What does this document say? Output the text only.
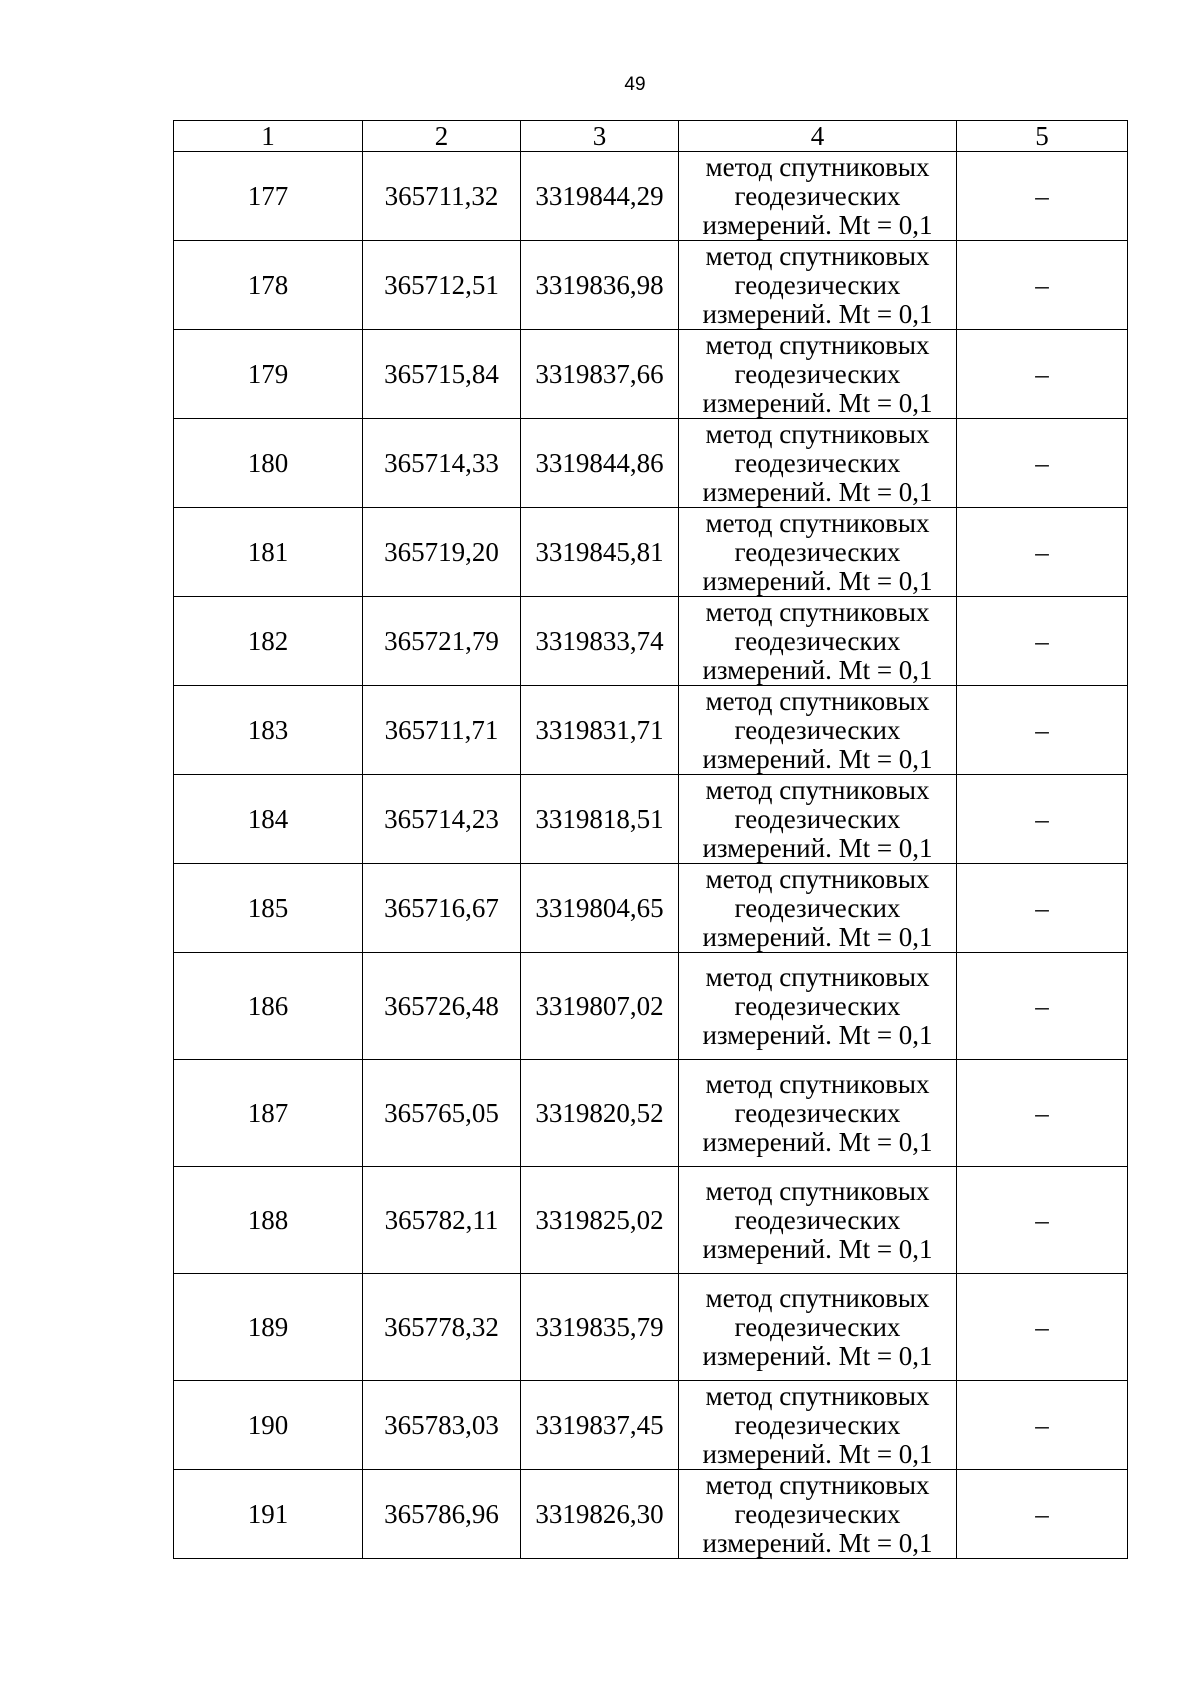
49
1	2	3	4	5
177	365711,32	3319844,29	метод спутниковых
геодезических
измерений. Mt = 0,1	–
178	365712,51	3319836,98	метод спутниковых
геодезических
измерений. Mt = 0,1	–
179	365715,84	3319837,66	метод спутниковых
геодезических
измерений. Mt = 0,1	–
180	365714,33	3319844,86	метод спутниковых
геодезических
измерений. Mt = 0,1	–
181	365719,20	3319845,81	метод спутниковых
геодезических
измерений. Mt = 0,1	–
182	365721,79	3319833,74	метод спутниковых
геодезических
измерений. Mt = 0,1	–
183	365711,71	3319831,71	метод спутниковых
геодезических
измерений. Mt = 0,1	–
184	365714,23	3319818,51	метод спутниковых
геодезических
измерений. Mt = 0,1	–
185	365716,67	3319804,65	метод спутниковых
геодезических
измерений. Mt = 0,1	–
186	365726,48	3319807,02	метод спутниковых
геодезических
измерений. Mt = 0,1	–
187	365765,05	3319820,52	метод спутниковых
геодезических
измерений. Mt = 0,1	–
188	365782,11	3319825,02	метод спутниковых
геодезических
измерений. Mt = 0,1	–
189	365778,32	3319835,79	метод спутниковых
геодезических
измерений. Mt = 0,1	–
190	365783,03	3319837,45	метод спутниковых
геодезических
измерений. Mt = 0,1	–
191	365786,96	3319826,30	метод спутниковых
геодезических
измерений. Mt = 0,1	–
